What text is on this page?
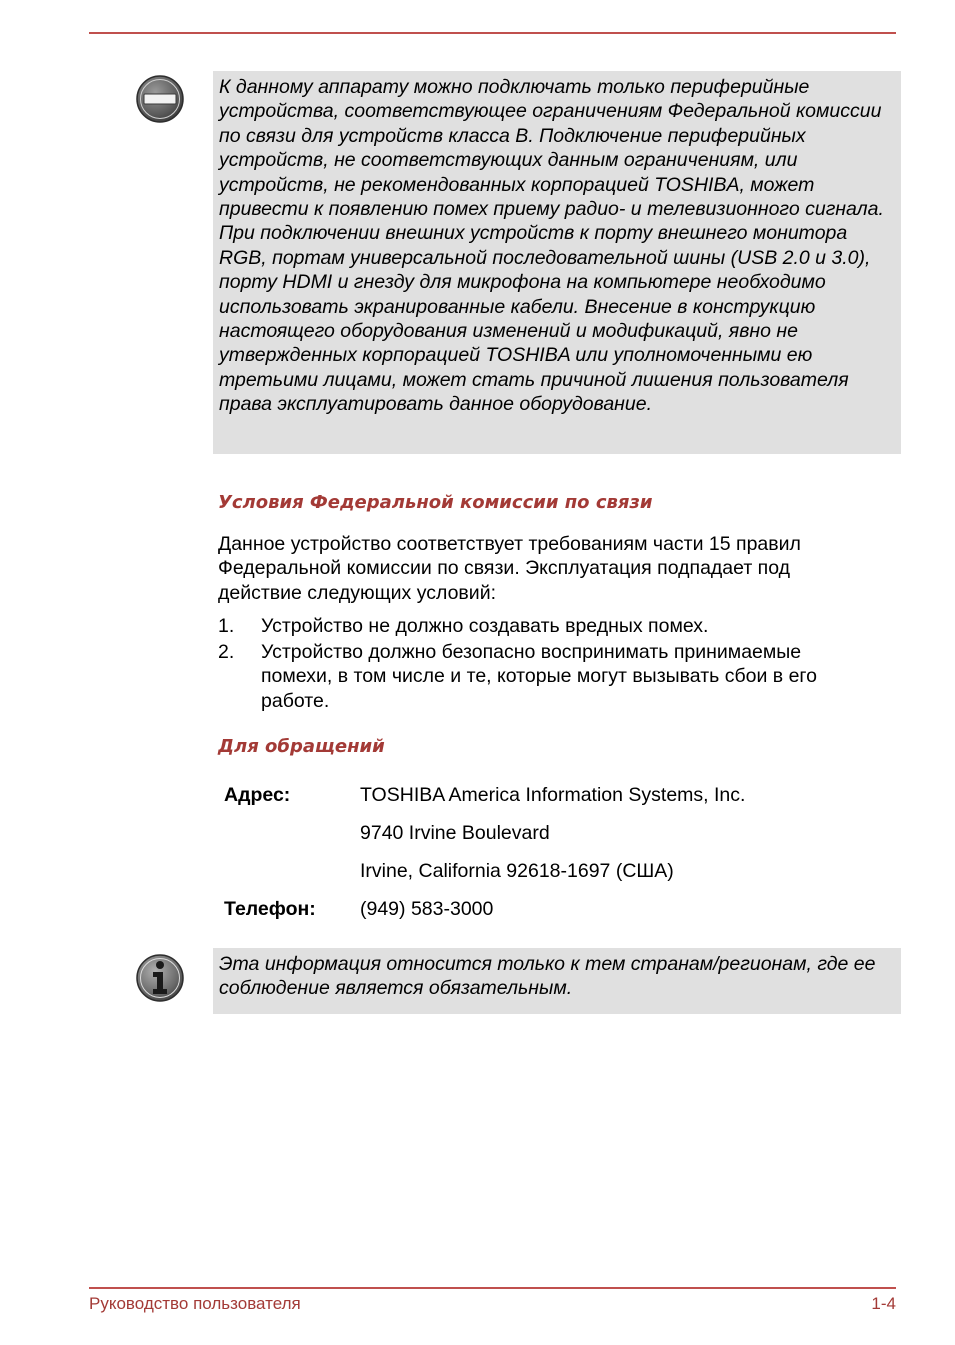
К данному аппарату можно подключать только периферийные устройства, соответствующее ограничениям Федеральной комиссии по связи для устройств класса B. Подключение периферийных устройств, не соответствующих данным ограничениям, или устройств, не рекомендованных корпорацией TOSHIBA, может привести к появлению помех приему радио- и телевизионного сигнала. При подключении внешних устройств к порту внешнего монитора RGB, портам универсальной последовательной шины (USB 2.0 и 3.0), порту HDMI и гнезду для микрофона на компьютере необходимо использовать экранированные кабели. Внесение в конструкцию настоящего оборудования изменений и модификаций, явно не утвержденных корпорацией TOSHIBA или уполномоченными ею третьими лицами, может стать причиной лишения пользователя права эксплуатировать данное оборудование.

Условия Федеральной комиссии по связи

Данное устройство соответствует требованиям части 15 правил Федеральной комиссии по связи. Эксплуатация подпадает под действие следующих условий:

1.	Устройство не должно создавать вредных помех.
2.	Устройство должно безопасно воспринимать принимаемые помехи, в том числе и те, которые могут вызывать сбои в его работе.
Для обращений
Адрес:	TOSHIBA America Information Systems, Inc.
9740 Irvine Boulevard
Irvine, California 92618-1697 (США)
Телефон:	(949) 583-3000

Эта информация относится только к тем странам/регионам, где ее соблюдение является обязательным.

Руководство пользователя	1-4
